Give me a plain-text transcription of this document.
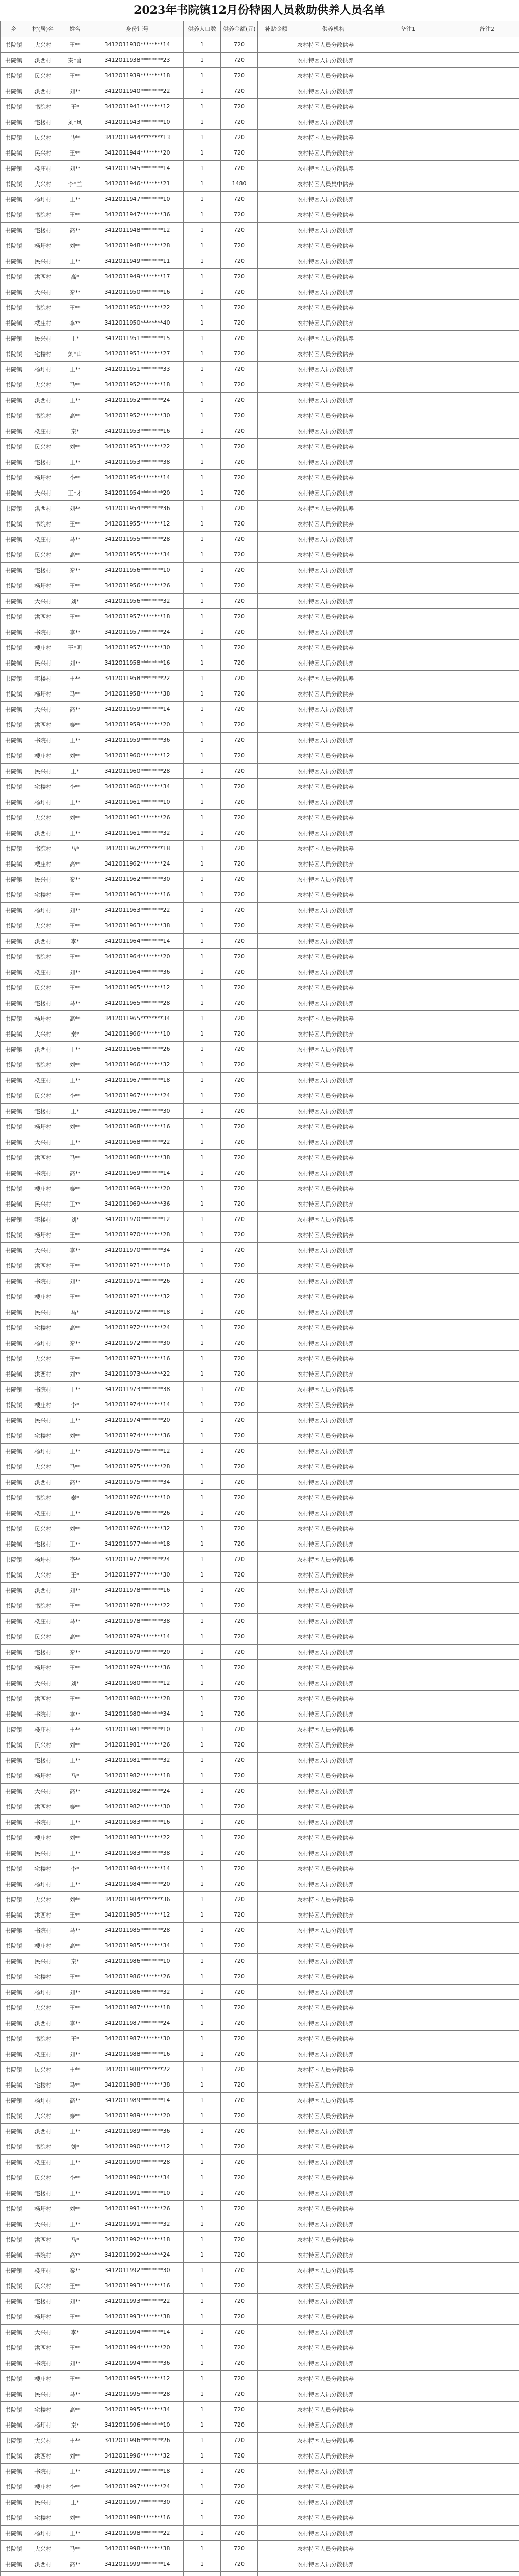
2023年书院镇12月份特困人员救助供养人员名单
乡	村(居)名	姓名	身份证号	供养人口数	供养金额(元)	补贴金额	供养机构	备注1	备注2
书院镇	大兴村	王**	3412011930********14	1	720		农村特困人员分散供养		
书院镇	洪西村	秦*喜	3412011938********23	1	720		农村特困人员分散供养		
书院镇	民兴村	王**	3412011939********18	1	720		农村特困人员分散供养		
书院镇	洪西村	刘**	3412011940********22	1	720		农村特困人员分散供养		
书院镇	书院村	王*	3412011941********12	1	720		农村特困人员分散供养		
书院镇	宅楼村	刘*风	3412011943********10	1	720		农村特困人员分散供养		
书院镇	民兴村	马**	3412011944********13	1	720		农村特困人员分散供养		
书院镇	民兴村	王**	3412011944********20	1	720		农村特困人员分散供养		
书院镇	楼庄村	刘**	3412011945********14	1	720		农村特困人员分散供养		
书院镇	大兴村	李*兰	3412011946********21	1	1480		农村特困人员集中供养		
书院镇	杨圩村	王**	3412011947********10	1	720		农村特困人员分散供养		
书院镇	书院村	王**	3412011947********36	1	720		农村特困人员分散供养		
书院镇	宅楼村	高**	3412011948********12	1	720		农村特困人员分散供养		
书院镇	杨圩村	刘**	3412011948********28	1	720		农村特困人员分散供养		
书院镇	民兴村	王**	3412011949********11	1	720		农村特困人员分散供养		
书院镇	洪西村	高*	3412011949********17	1	720		农村特困人员分散供养		
书院镇	大兴村	秦**	3412011950********16	1	720		农村特困人员分散供养		
书院镇	书院村	王**	3412011950********22	1	720		农村特困人员分散供养		
书院镇	楼庄村	李**	3412011950********40	1	720		农村特困人员分散供养		
书院镇	民兴村	王*	3412011951********15	1	720		农村特困人员分散供养		
书院镇	宅楼村	刘*山	3412011951********27	1	720		农村特困人员分散供养		
书院镇	杨圩村	王**	3412011951********33	1	720		农村特困人员分散供养		
书院镇	大兴村	马**	3412011952********18	1	720		农村特困人员分散供养		
书院镇	洪西村	王**	3412011952********24	1	720		农村特困人员分散供养		
书院镇	书院村	高**	3412011952********30	1	720		农村特困人员分散供养		
书院镇	楼庄村	秦*	3412011953********16	1	720		农村特困人员分散供养		
书院镇	民兴村	刘**	3412011953********22	1	720		农村特困人员分散供养		
书院镇	宅楼村	王**	3412011953********38	1	720		农村特困人员分散供养		
书院镇	杨圩村	李**	3412011954********14	1	720		农村特困人员分散供养		
书院镇	大兴村	王*才	3412011954********20	1	720		农村特困人员分散供养		
书院镇	洪西村	刘**	3412011954********36	1	720		农村特困人员分散供养		
书院镇	书院村	王**	3412011955********12	1	720		农村特困人员分散供养		
书院镇	楼庄村	马**	3412011955********28	1	720		农村特困人员分散供养		
书院镇	民兴村	高**	3412011955********34	1	720		农村特困人员分散供养		
书院镇	宅楼村	秦**	3412011956********10	1	720		农村特困人员分散供养		
书院镇	杨圩村	王**	3412011956********26	1	720		农村特困人员分散供养		
书院镇	大兴村	刘*	3412011956********32	1	720		农村特困人员分散供养		
书院镇	洪西村	王**	3412011957********18	1	720		农村特困人员分散供养		
书院镇	书院村	李**	3412011957********24	1	720		农村特困人员分散供养		
书院镇	楼庄村	王*明	3412011957********30	1	720		农村特困人员分散供养		
书院镇	民兴村	刘**	3412011958********16	1	720		农村特困人员分散供养		
书院镇	宅楼村	王**	3412011958********22	1	720		农村特困人员分散供养		
书院镇	杨圩村	马**	3412011958********38	1	720		农村特困人员分散供养		
书院镇	大兴村	高**	3412011959********14	1	720		农村特困人员分散供养		
书院镇	洪西村	秦**	3412011959********20	1	720		农村特困人员分散供养		
书院镇	书院村	王**	3412011959********36	1	720		农村特困人员分散供养		
书院镇	楼庄村	刘**	3412011960********12	1	720		农村特困人员分散供养		
书院镇	民兴村	王*	3412011960********28	1	720		农村特困人员分散供养		
书院镇	宅楼村	李**	3412011960********34	1	720		农村特困人员分散供养		
书院镇	杨圩村	王**	3412011961********10	1	720		农村特困人员分散供养		
书院镇	大兴村	刘**	3412011961********26	1	720		农村特困人员分散供养		
书院镇	洪西村	王**	3412011961********32	1	720		农村特困人员分散供养		
书院镇	书院村	马*	3412011962********18	1	720		农村特困人员分散供养		
书院镇	楼庄村	高**	3412011962********24	1	720		农村特困人员分散供养		
书院镇	民兴村	秦**	3412011962********30	1	720		农村特困人员分散供养		
书院镇	宅楼村	王**	3412011963********16	1	720		农村特困人员分散供养		
书院镇	杨圩村	刘**	3412011963********22	1	720		农村特困人员分散供养		
书院镇	大兴村	王**	3412011963********38	1	720		农村特困人员分散供养		
书院镇	洪西村	李*	3412011964********14	1	720		农村特困人员分散供养		
书院镇	书院村	王**	3412011964********20	1	720		农村特困人员分散供养		
书院镇	楼庄村	刘**	3412011964********36	1	720		农村特困人员分散供养		
书院镇	民兴村	王**	3412011965********12	1	720		农村特困人员分散供养		
书院镇	宅楼村	马**	3412011965********28	1	720		农村特困人员分散供养		
书院镇	杨圩村	高**	3412011965********34	1	720		农村特困人员分散供养		
书院镇	大兴村	秦*	3412011966********10	1	720		农村特困人员分散供养		
书院镇	洪西村	王**	3412011966********26	1	720		农村特困人员分散供养		
书院镇	书院村	刘**	3412011966********32	1	720		农村特困人员分散供养		
书院镇	楼庄村	王**	3412011967********18	1	720		农村特困人员分散供养		
书院镇	民兴村	李**	3412011967********24	1	720		农村特困人员分散供养		
书院镇	宅楼村	王*	3412011967********30	1	720		农村特困人员分散供养		
书院镇	杨圩村	刘**	3412011968********16	1	720		农村特困人员分散供养		
书院镇	大兴村	王**	3412011968********22	1	720		农村特困人员分散供养		
书院镇	洪西村	马**	3412011968********38	1	720		农村特困人员分散供养		
书院镇	书院村	高**	3412011969********14	1	720		农村特困人员分散供养		
书院镇	楼庄村	秦**	3412011969********20	1	720		农村特困人员分散供养		
书院镇	民兴村	王**	3412011969********36	1	720		农村特困人员分散供养		
书院镇	宅楼村	刘*	3412011970********12	1	720		农村特困人员分散供养		
书院镇	杨圩村	王**	3412011970********28	1	720		农村特困人员分散供养		
书院镇	大兴村	李**	3412011970********34	1	720		农村特困人员分散供养		
书院镇	洪西村	王**	3412011971********10	1	720		农村特困人员分散供养		
书院镇	书院村	刘**	3412011971********26	1	720		农村特困人员分散供养		
书院镇	楼庄村	王**	3412011971********32	1	720		农村特困人员分散供养		
书院镇	民兴村	马*	3412011972********18	1	720		农村特困人员分散供养		
书院镇	宅楼村	高**	3412011972********24	1	720		农村特困人员分散供养		
书院镇	杨圩村	秦**	3412011972********30	1	720		农村特困人员分散供养		
书院镇	大兴村	王**	3412011973********16	1	720		农村特困人员分散供养		
书院镇	洪西村	刘**	3412011973********22	1	720		农村特困人员分散供养		
书院镇	书院村	王**	3412011973********38	1	720		农村特困人员分散供养		
书院镇	楼庄村	李*	3412011974********14	1	720		农村特困人员分散供养		
书院镇	民兴村	王**	3412011974********20	1	720		农村特困人员分散供养		
书院镇	宅楼村	刘**	3412011974********36	1	720		农村特困人员分散供养		
书院镇	杨圩村	王**	3412011975********12	1	720		农村特困人员分散供养		
书院镇	大兴村	马**	3412011975********28	1	720		农村特困人员分散供养		
书院镇	洪西村	高**	3412011975********34	1	720		农村特困人员分散供养		
书院镇	书院村	秦*	3412011976********10	1	720		农村特困人员分散供养		
书院镇	楼庄村	王**	3412011976********26	1	720		农村特困人员分散供养		
书院镇	民兴村	刘**	3412011976********32	1	720		农村特困人员分散供养		
书院镇	宅楼村	王**	3412011977********18	1	720		农村特困人员分散供养		
书院镇	杨圩村	李**	3412011977********24	1	720		农村特困人员分散供养		
书院镇	大兴村	王*	3412011977********30	1	720		农村特困人员分散供养		
书院镇	洪西村	刘**	3412011978********16	1	720		农村特困人员分散供养		
书院镇	书院村	王**	3412011978********22	1	720		农村特困人员分散供养		
书院镇	楼庄村	马**	3412011978********38	1	720		农村特困人员分散供养		
书院镇	民兴村	高**	3412011979********14	1	720		农村特困人员分散供养		
书院镇	宅楼村	秦**	3412011979********20	1	720		农村特困人员分散供养		
书院镇	杨圩村	王**	3412011979********36	1	720		农村特困人员分散供养		
书院镇	大兴村	刘*	3412011980********12	1	720		农村特困人员分散供养		
书院镇	洪西村	王**	3412011980********28	1	720		农村特困人员分散供养		
书院镇	书院村	李**	3412011980********34	1	720		农村特困人员分散供养		
书院镇	楼庄村	王**	3412011981********10	1	720		农村特困人员分散供养		
书院镇	民兴村	刘**	3412011981********26	1	720		农村特困人员分散供养		
书院镇	宅楼村	王**	3412011981********32	1	720		农村特困人员分散供养		
书院镇	杨圩村	马*	3412011982********18	1	720		农村特困人员分散供养		
书院镇	大兴村	高**	3412011982********24	1	720		农村特困人员分散供养		
书院镇	洪西村	秦**	3412011982********30	1	720		农村特困人员分散供养		
书院镇	书院村	王**	3412011983********16	1	720		农村特困人员分散供养		
书院镇	楼庄村	刘**	3412011983********22	1	720		农村特困人员分散供养		
书院镇	民兴村	王**	3412011983********38	1	720		农村特困人员分散供养		
书院镇	宅楼村	李*	3412011984********14	1	720		农村特困人员分散供养		
书院镇	杨圩村	王**	3412011984********20	1	720		农村特困人员分散供养		
书院镇	大兴村	刘**	3412011984********36	1	720		农村特困人员分散供养		
书院镇	洪西村	王**	3412011985********12	1	720		农村特困人员分散供养		
书院镇	书院村	马**	3412011985********28	1	720		农村特困人员分散供养		
书院镇	楼庄村	高**	3412011985********34	1	720		农村特困人员分散供养		
书院镇	民兴村	秦*	3412011986********10	1	720		农村特困人员分散供养		
书院镇	宅楼村	王**	3412011986********26	1	720		农村特困人员分散供养		
书院镇	杨圩村	刘**	3412011986********32	1	720		农村特困人员分散供养		
书院镇	大兴村	王**	3412011987********18	1	720		农村特困人员分散供养		
书院镇	洪西村	李**	3412011987********24	1	720		农村特困人员分散供养		
书院镇	书院村	王*	3412011987********30	1	720		农村特困人员分散供养		
书院镇	楼庄村	刘**	3412011988********16	1	720		农村特困人员分散供养		
书院镇	民兴村	王**	3412011988********22	1	720		农村特困人员分散供养		
书院镇	宅楼村	马**	3412011988********38	1	720		农村特困人员分散供养		
书院镇	杨圩村	高**	3412011989********14	1	720		农村特困人员分散供养		
书院镇	大兴村	秦**	3412011989********20	1	720		农村特困人员分散供养		
书院镇	洪西村	王**	3412011989********36	1	720		农村特困人员分散供养		
书院镇	书院村	刘*	3412011990********12	1	720		农村特困人员分散供养		
书院镇	楼庄村	王**	3412011990********28	1	720		农村特困人员分散供养		
书院镇	民兴村	李**	3412011990********34	1	720		农村特困人员分散供养		
书院镇	宅楼村	王**	3412011991********10	1	720		农村特困人员分散供养		
书院镇	杨圩村	刘**	3412011991********26	1	720		农村特困人员分散供养		
书院镇	大兴村	王**	3412011991********32	1	720		农村特困人员分散供养		
书院镇	洪西村	马*	3412011992********18	1	720		农村特困人员分散供养		
书院镇	书院村	高**	3412011992********24	1	720		农村特困人员分散供养		
书院镇	楼庄村	秦**	3412011992********30	1	720		农村特困人员分散供养		
书院镇	民兴村	王**	3412011993********16	1	720		农村特困人员分散供养		
书院镇	宅楼村	刘**	3412011993********22	1	720		农村特困人员分散供养		
书院镇	杨圩村	王**	3412011993********38	1	720		农村特困人员分散供养		
书院镇	大兴村	李*	3412011994********14	1	720		农村特困人员分散供养		
书院镇	洪西村	王**	3412011994********20	1	720		农村特困人员分散供养		
书院镇	书院村	刘**	3412011994********36	1	720		农村特困人员分散供养		
书院镇	楼庄村	王**	3412011995********12	1	720		农村特困人员分散供养		
书院镇	民兴村	马**	3412011995********28	1	720		农村特困人员分散供养		
书院镇	宅楼村	高**	3412011995********34	1	720		农村特困人员分散供养		
书院镇	杨圩村	秦*	3412011996********10	1	720		农村特困人员分散供养		
书院镇	大兴村	王**	3412011996********26	1	720		农村特困人员分散供养		
书院镇	洪西村	刘**	3412011996********32	1	720		农村特困人员分散供养		
书院镇	书院村	王**	3412011997********18	1	720		农村特困人员分散供养		
书院镇	楼庄村	李**	3412011997********24	1	720		农村特困人员分散供养		
书院镇	民兴村	王*	3412011997********30	1	720		农村特困人员分散供养		
书院镇	宅楼村	刘**	3412011998********16	1	720		农村特困人员分散供养		
书院镇	杨圩村	王**	3412011998********22	1	720		农村特困人员分散供养		
书院镇	大兴村	马**	3412011998********38	1	720		农村特困人员分散供养		
书院镇	洪西村	高**	3412011999********14	1	720		农村特困人员分散供养		
